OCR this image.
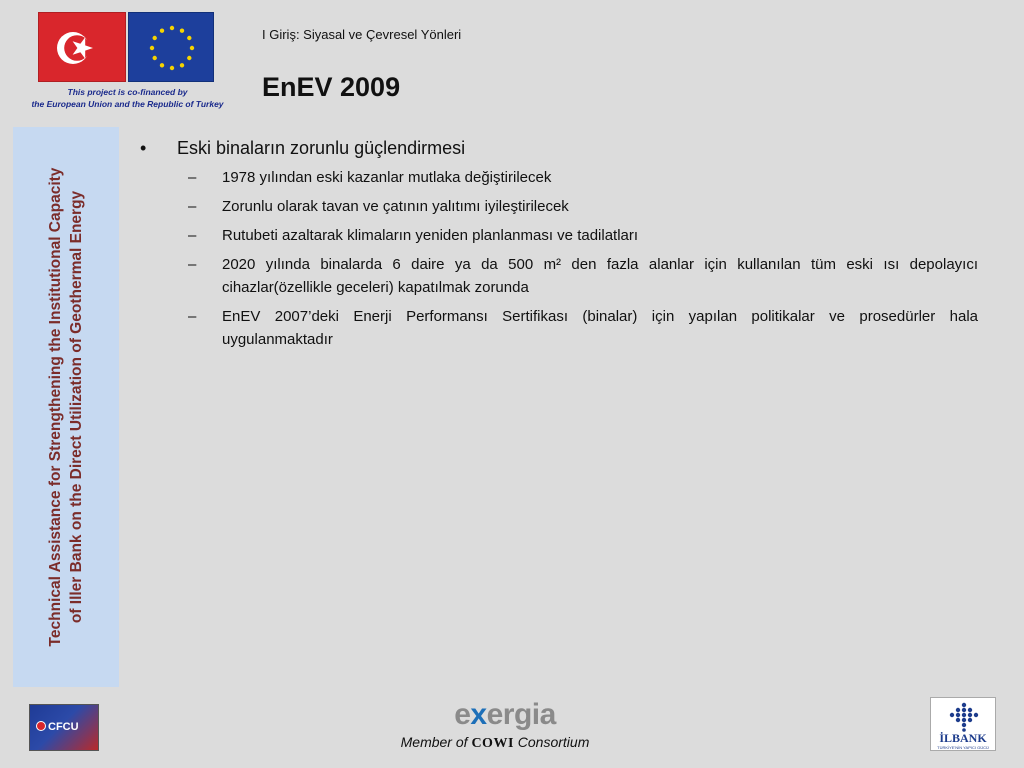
This project is co-financed by
the European Union and the Republic of Turkey
I Giriş: Siyasal ve Çevresel Yönleri
EnEV 2009
Technical Assistance for Strengthening the Institutional Capacity of Iller Bank on the Direct Utilization of Geothermal Energy
•	Eski binaların zorunlu güçlendirmesi
–	1978 yılından eski kazanlar mutlaka değiştirilecek
–	Zorunlu olarak tavan ve çatının yalıtımı iyileştirilecek
–	Rutubeti azaltarak klimaların yeniden planlanması ve tadilatları
–	2020 yılında binalarda 6 daire ya da 500 m² den fazla alanlar için kullanılan tüm eski ısı depolayıcı cihazlar(özellikle geceleri) kapatılmak zorunda
–	EnEV 2007’deki Enerji Performansı Sertifikası (binalar) için yapılan politikalar ve prosedürler hala uygulanmaktadır
CFCU	exergia
Member of COWI Consortium	İLBANK
TÜRKİYE'NİN YAPICI GÜCÜ
